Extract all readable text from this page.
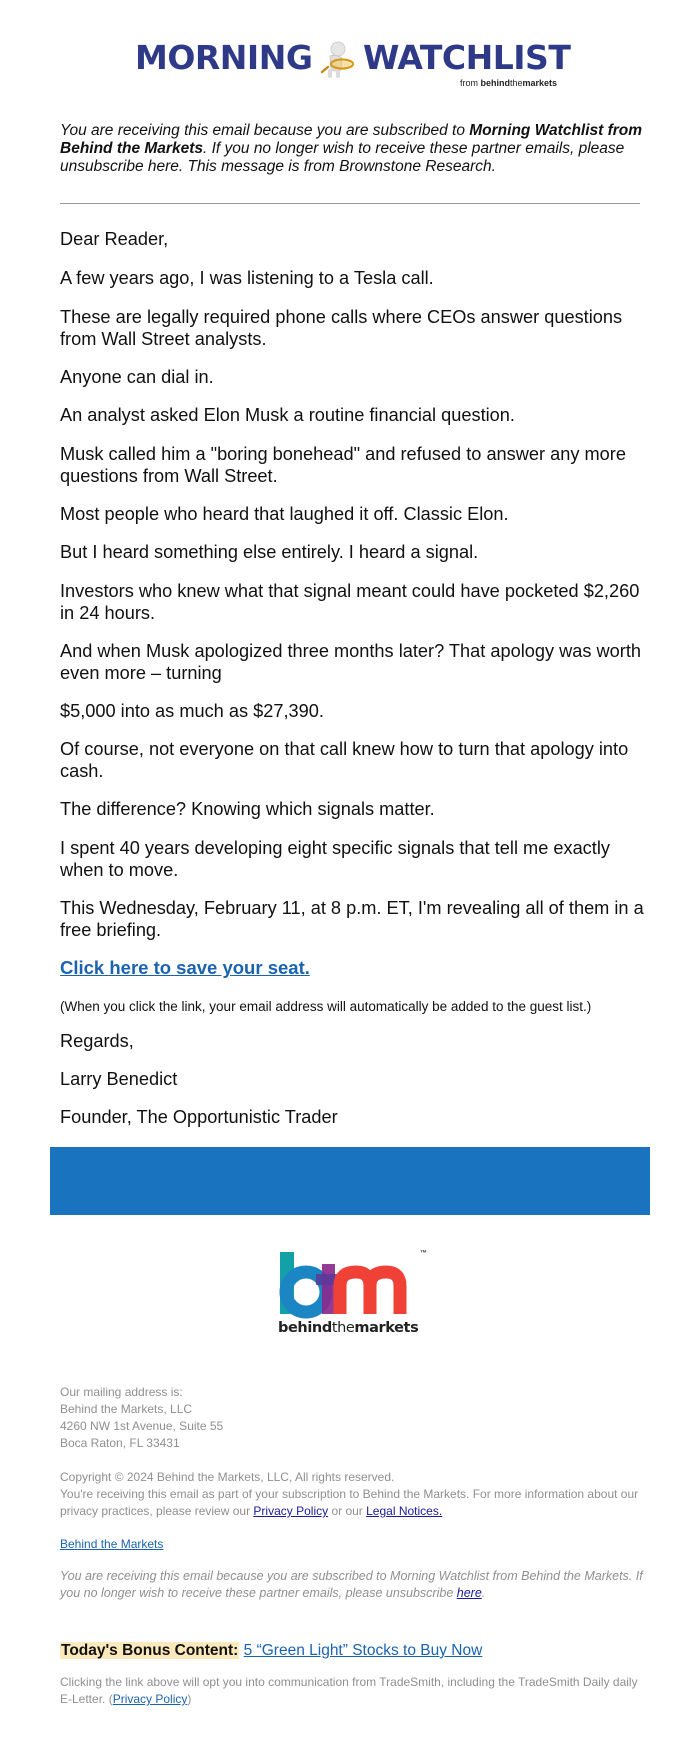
MORNING WATCHLIST
from behindthemarkets
You are receiving this email because you are subscribed to Morning Watchlist from Behind the Markets. If you no longer wish to receive these partner emails, please unsubscribe here. This message is from Brownstone Research.

Dear Reader,

A few years ago, I was listening to a Tesla call.

These are legally required phone calls where CEOs answer questions from Wall Street analysts.

Anyone can dial in.

An analyst asked Elon Musk a routine financial question.

Musk called him a "boring bonehead" and refused to answer any more questions from Wall Street.

Most people who heard that laughed it off. Classic Elon.

But I heard something else entirely. I heard a signal.

Investors who knew what that signal meant could have pocketed $2,260 in 24 hours.

And when Musk apologized three months later? That apology was worth even more – turning

$5,000 into as much as $27,390.

Of course, not everyone on that call knew how to turn that apology into cash.

The difference? Knowing which signals matter.

I spent 40 years developing eight specific signals that tell me exactly when to move.

This Wednesday, February 11, at 8 p.m. ET, I'm revealing all of them in a free briefing.

Click here to save your seat.

(When you click the link, your email address will automatically be added to the guest list.)

Regards,

Larry Benedict

Founder, The Opportunistic Trader

™
behindthemarkets
Our mailing address is:
Behind the Markets, LLC
4260 NW 1st Avenue, Suite 55
Boca Raton, FL 33431
Copyright © 2024 Behind the Markets, LLC, All rights reserved.
You're receiving this email as part of your subscription to Behind the Markets. For more information about our privacy practices, please review our Privacy Policy or our Legal Notices.
Behind the Markets
You are receiving this email because you are subscribed to Morning Watchlist from Behind the Markets. If you no longer wish to receive these partner emails, please unsubscribe here.
Today's Bonus Content: 5 “Green Light” Stocks to Buy Now
Clicking the link above will opt you into communication from TradeSmith, including the TradeSmith Daily daily E-Letter. (Privacy Policy)
